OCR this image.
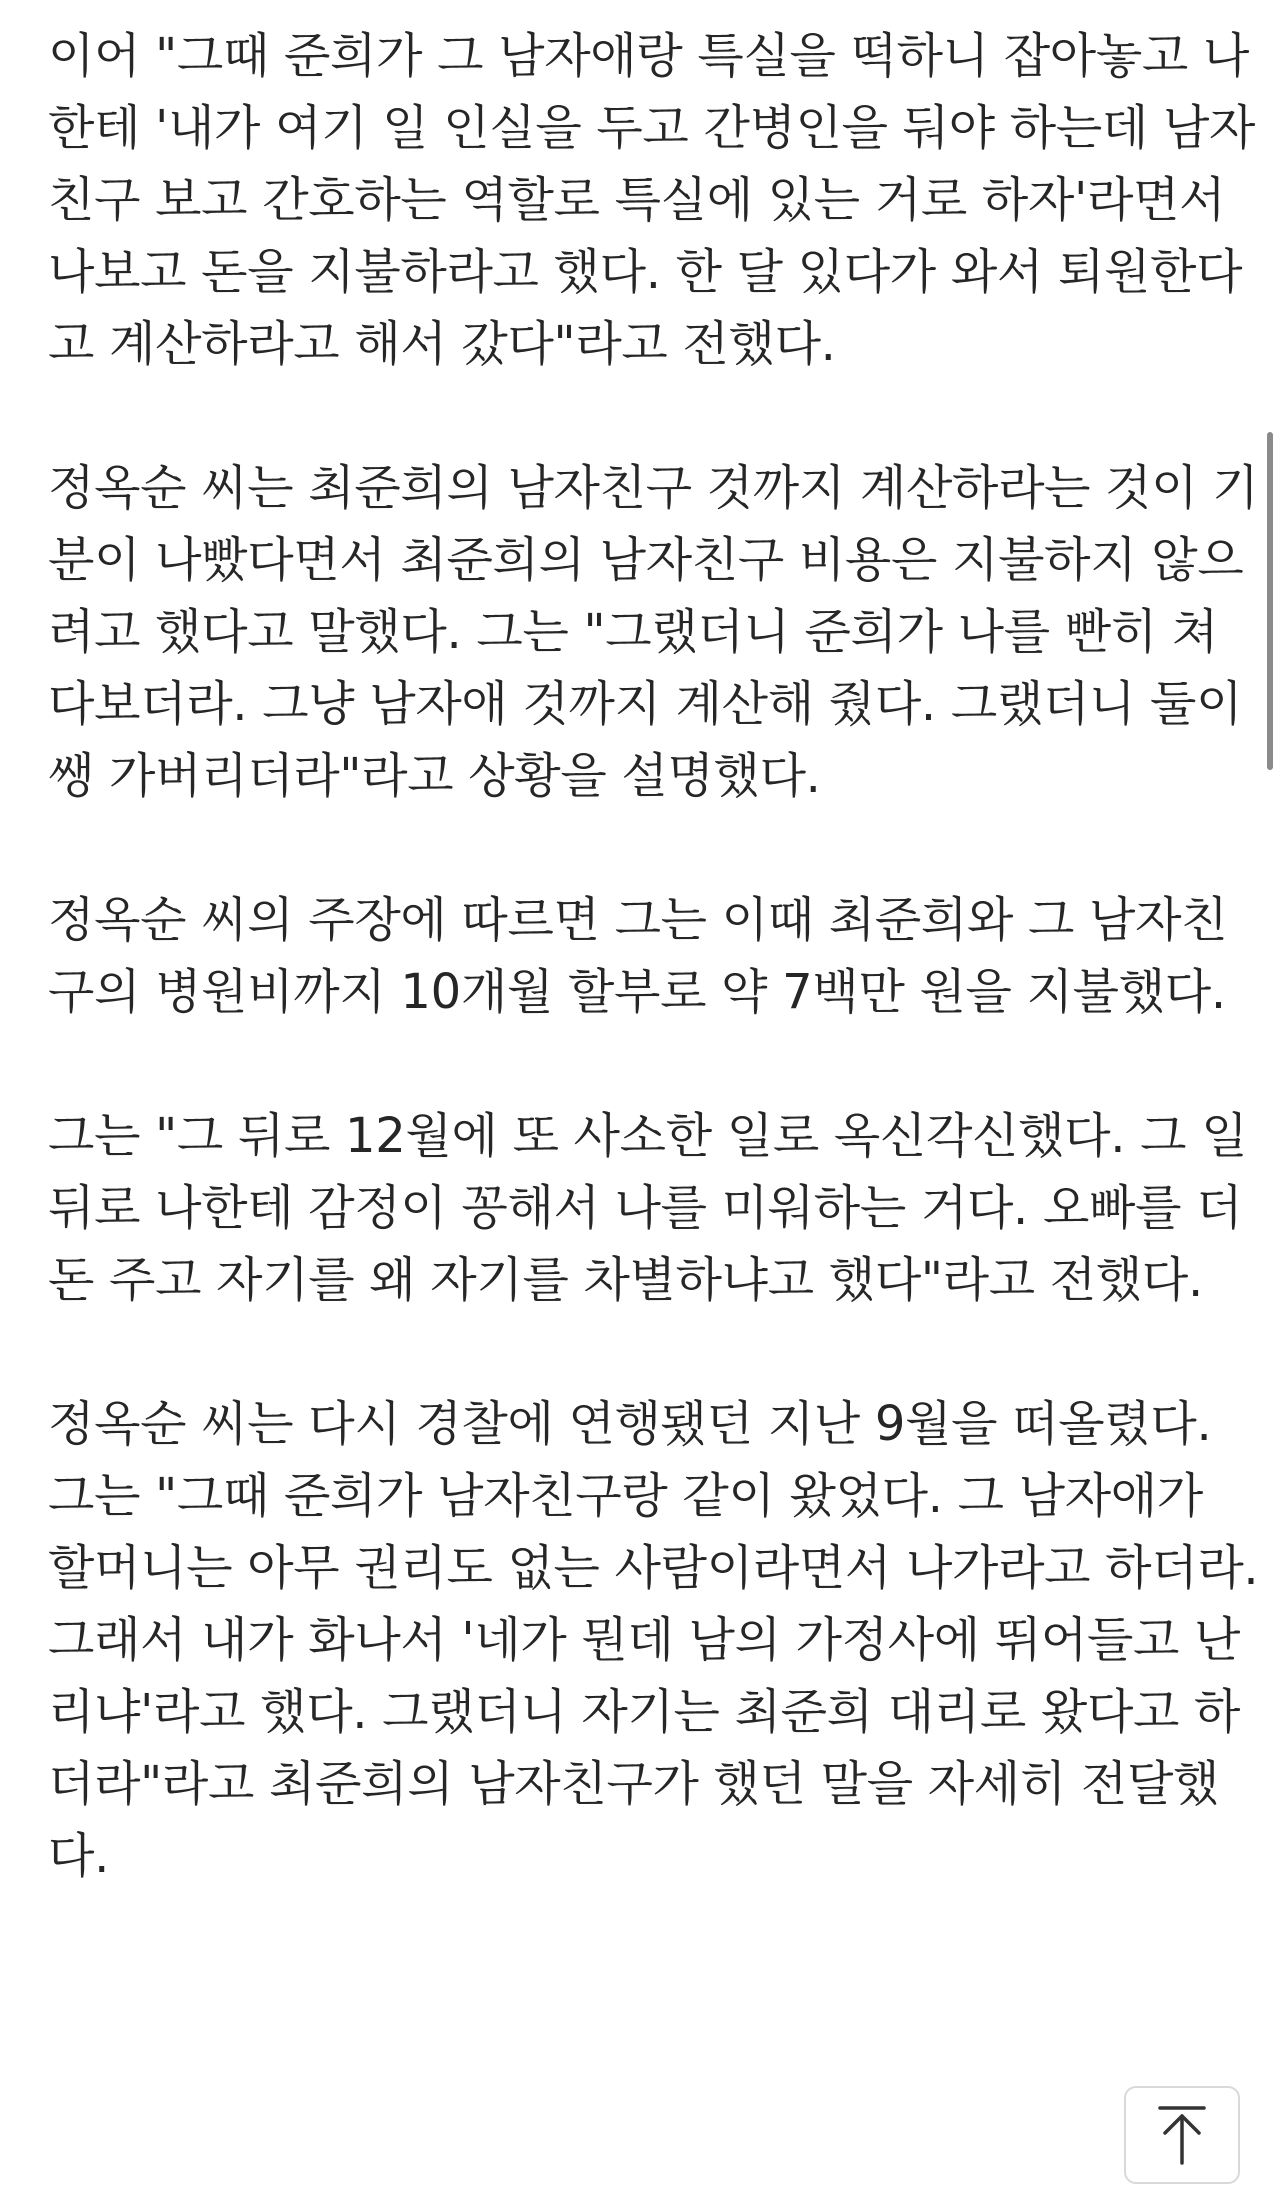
이어 "그때 준희가 그 남자애랑 특실을 떡하니 잡아놓고 나
한테 '내가 여기 일 인실을 두고 간병인을 둬야 하는데 남자
친구 보고 간호하는 역할로 특실에 있는 거로 하자'라면서
나보고 돈을 지불하라고 했다. 한 달 있다가 와서 퇴원한다
고 계산하라고 해서 갔다"라고 전했다.
정옥순 씨는 최준희의 남자친구 것까지 계산하라는 것이 기
분이 나빴다면서 최준희의 남자친구 비용은 지불하지 않으
려고 했다고 말했다. 그는 "그랬더니 준희가 나를 빤히 쳐
다보더라. 그냥 남자애 것까지 계산해 줬다. 그랬더니 둘이
쌩 가버리더라"라고 상황을 설명했다.
정옥순 씨의 주장에 따르면 그는 이때 최준희와 그 남자친
구의 병원비까지 10개월 할부로 약 7백만 원을 지불했다.
그는 "그 뒤로 12월에 또 사소한 일로 옥신각신했다. 그 일
뒤로 나한테 감정이 꽁해서 나를 미워하는 거다. 오빠를 더
돈 주고 자기를 왜 자기를 차별하냐고 했다"라고 전했다.
정옥순 씨는 다시 경찰에 연행됐던 지난 9월을 떠올렸다.
그는 "그때 준희가 남자친구랑 같이 왔었다. 그 남자애가
할머니는 아무 권리도 없는 사람이라면서 나가라고 하더라.
그래서 내가 화나서 '네가 뭔데 남의 가정사에 뛰어들고 난
리냐'라고 했다. 그랬더니 자기는 최준희 대리로 왔다고 하
더라"라고 최준희의 남자친구가 했던 말을 자세히 전달했
다.
